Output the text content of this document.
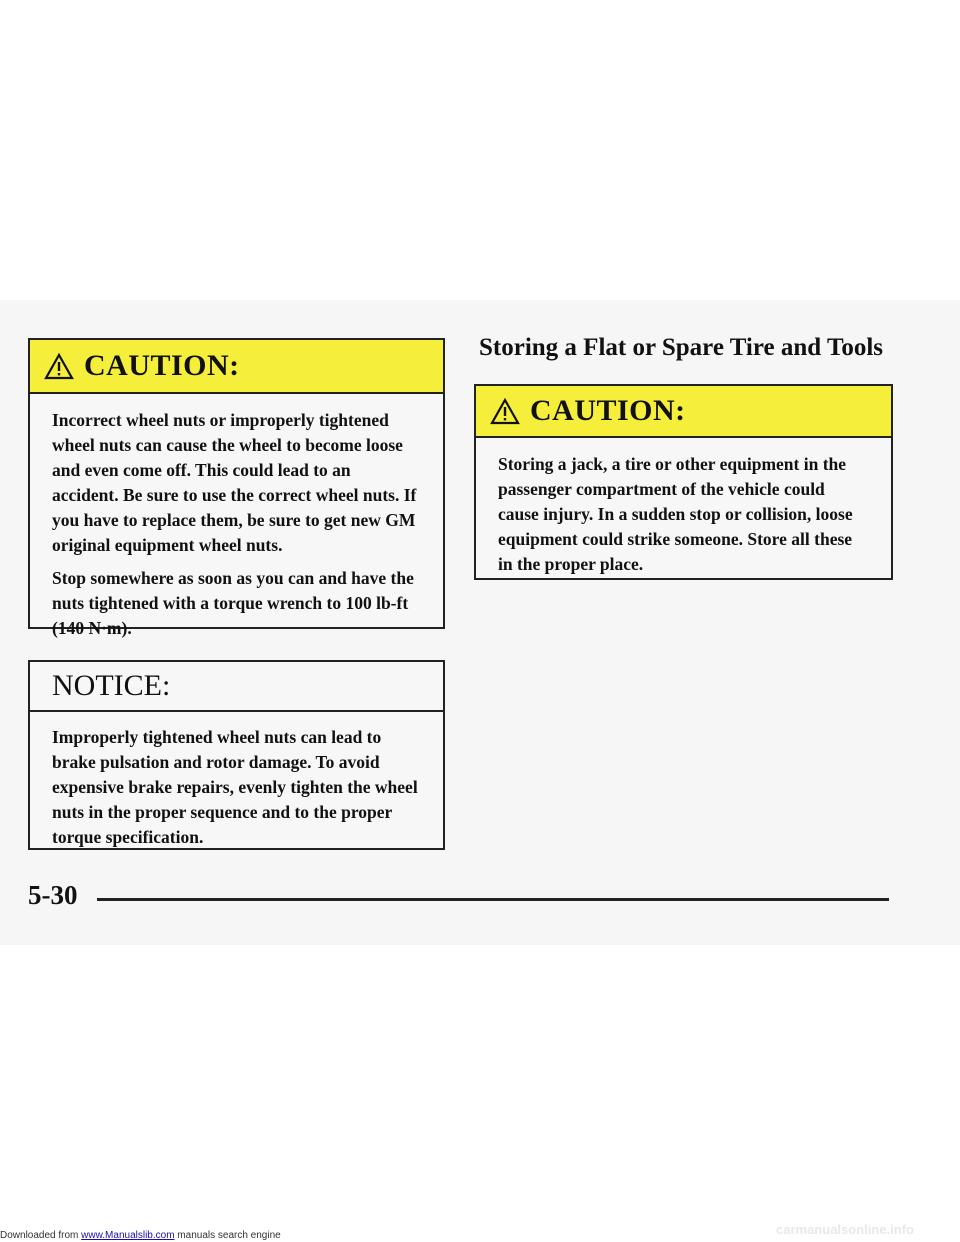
CAUTION:

Incorrect wheel nuts or improperly tightened wheel nuts can cause the wheel to become loose and even come off. This could lead to an accident. Be sure to use the correct wheel nuts. If you have to replace them, be sure to get new GM original equipment wheel nuts.

Stop somewhere as soon as you can and have the nuts tightened with a torque wrench to 100 lb-ft (140 N·m).

NOTICE:

Improperly tightened wheel nuts can lead to brake pulsation and rotor damage. To avoid expensive brake repairs, evenly tighten the wheel nuts in the proper sequence and to the proper torque specification.

Storing a Flat or Spare Tire and Tools
CAUTION:

Storing a jack, a tire or other equipment in the passenger compartment of the vehicle could cause injury. In a sudden stop or collision, loose equipment could strike someone. Store all these in the proper place.

5-30
Downloaded from www.Manualslib.com manuals search engine	carmanualsonline.info
